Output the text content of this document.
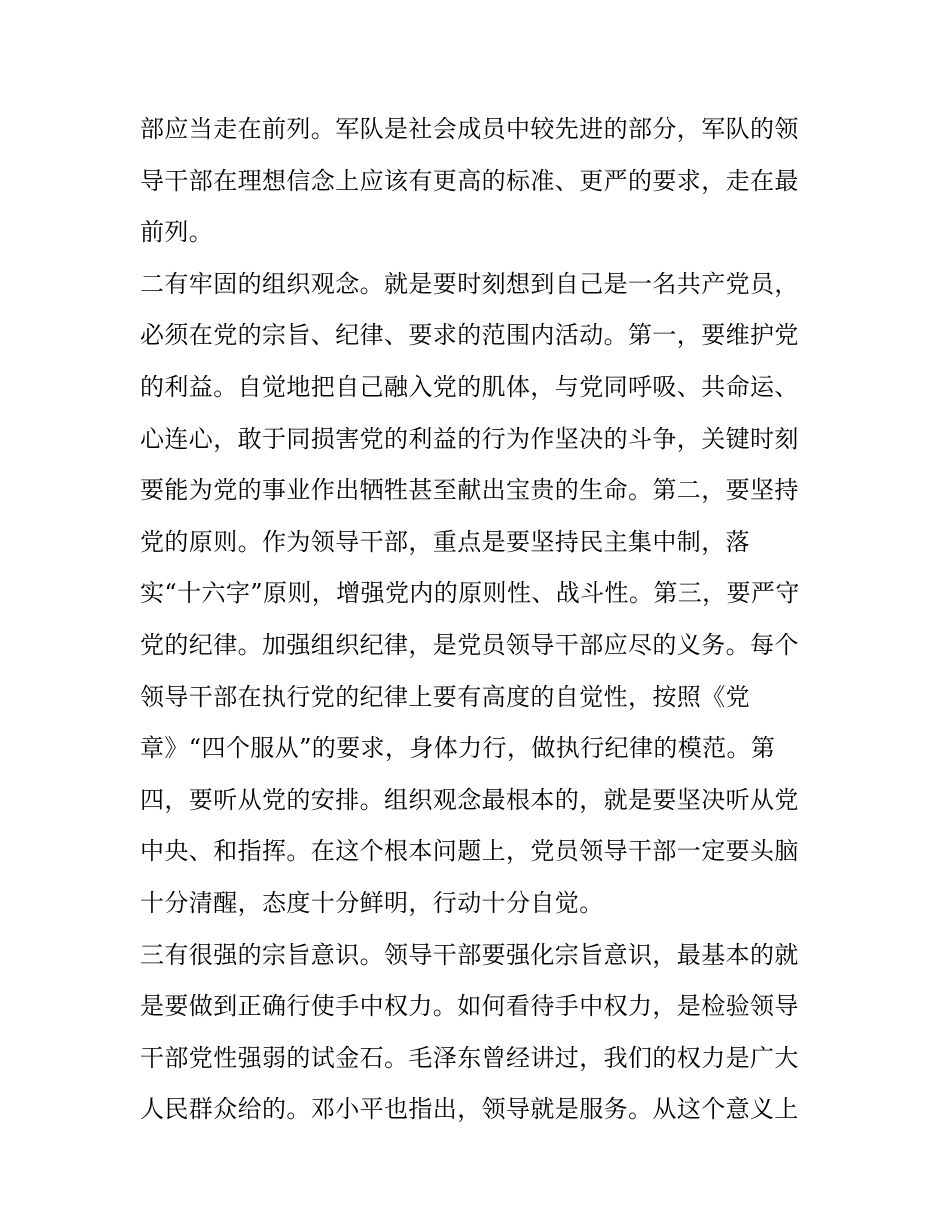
部应当走在前列。军队是社会成员中较先进的部分，军队的领
导干部在理想信念上应该有更高的标准、更严的要求，走在最
前列。
二有牢固的组织观念。就是要时刻想到自己是一名共产党员，
必须在党的宗旨、纪律、要求的范围内活动。第一，要维护党
的利益。自觉地把自己融入党的肌体，与党同呼吸、共命运、
心连心，敢于同损害党的利益的行为作坚决的斗争，关键时刻
要能为党的事业作出牺牲甚至献出宝贵的生命。第二，要坚持
党的原则。作为领导干部，重点是要坚持民主集中制，落
实“十六字”原则，增强党内的原则性、战斗性。第三，要严守
党的纪律。加强组织纪律，是党员领导干部应尽的义务。每个
领导干部在执行党的纪律上要有高度的自觉性，按照《党
章》“四个服从”的要求，身体力行，做执行纪律的模范。第
四，要听从党的安排。组织观念最根本的，就是要坚决听从党
中央、和指挥。在这个根本问题上，党员领导干部一定要头脑
十分清醒，态度十分鲜明，行动十分自觉。
三有很强的宗旨意识。领导干部要强化宗旨意识，最基本的就
是要做到正确行使手中权力。如何看待手中权力，是检验领导
干部党性强弱的试金石。毛泽东曾经讲过，我们的权力是广大
人民群众给的。邓小平也指出，领导就是服务。从这个意义上
